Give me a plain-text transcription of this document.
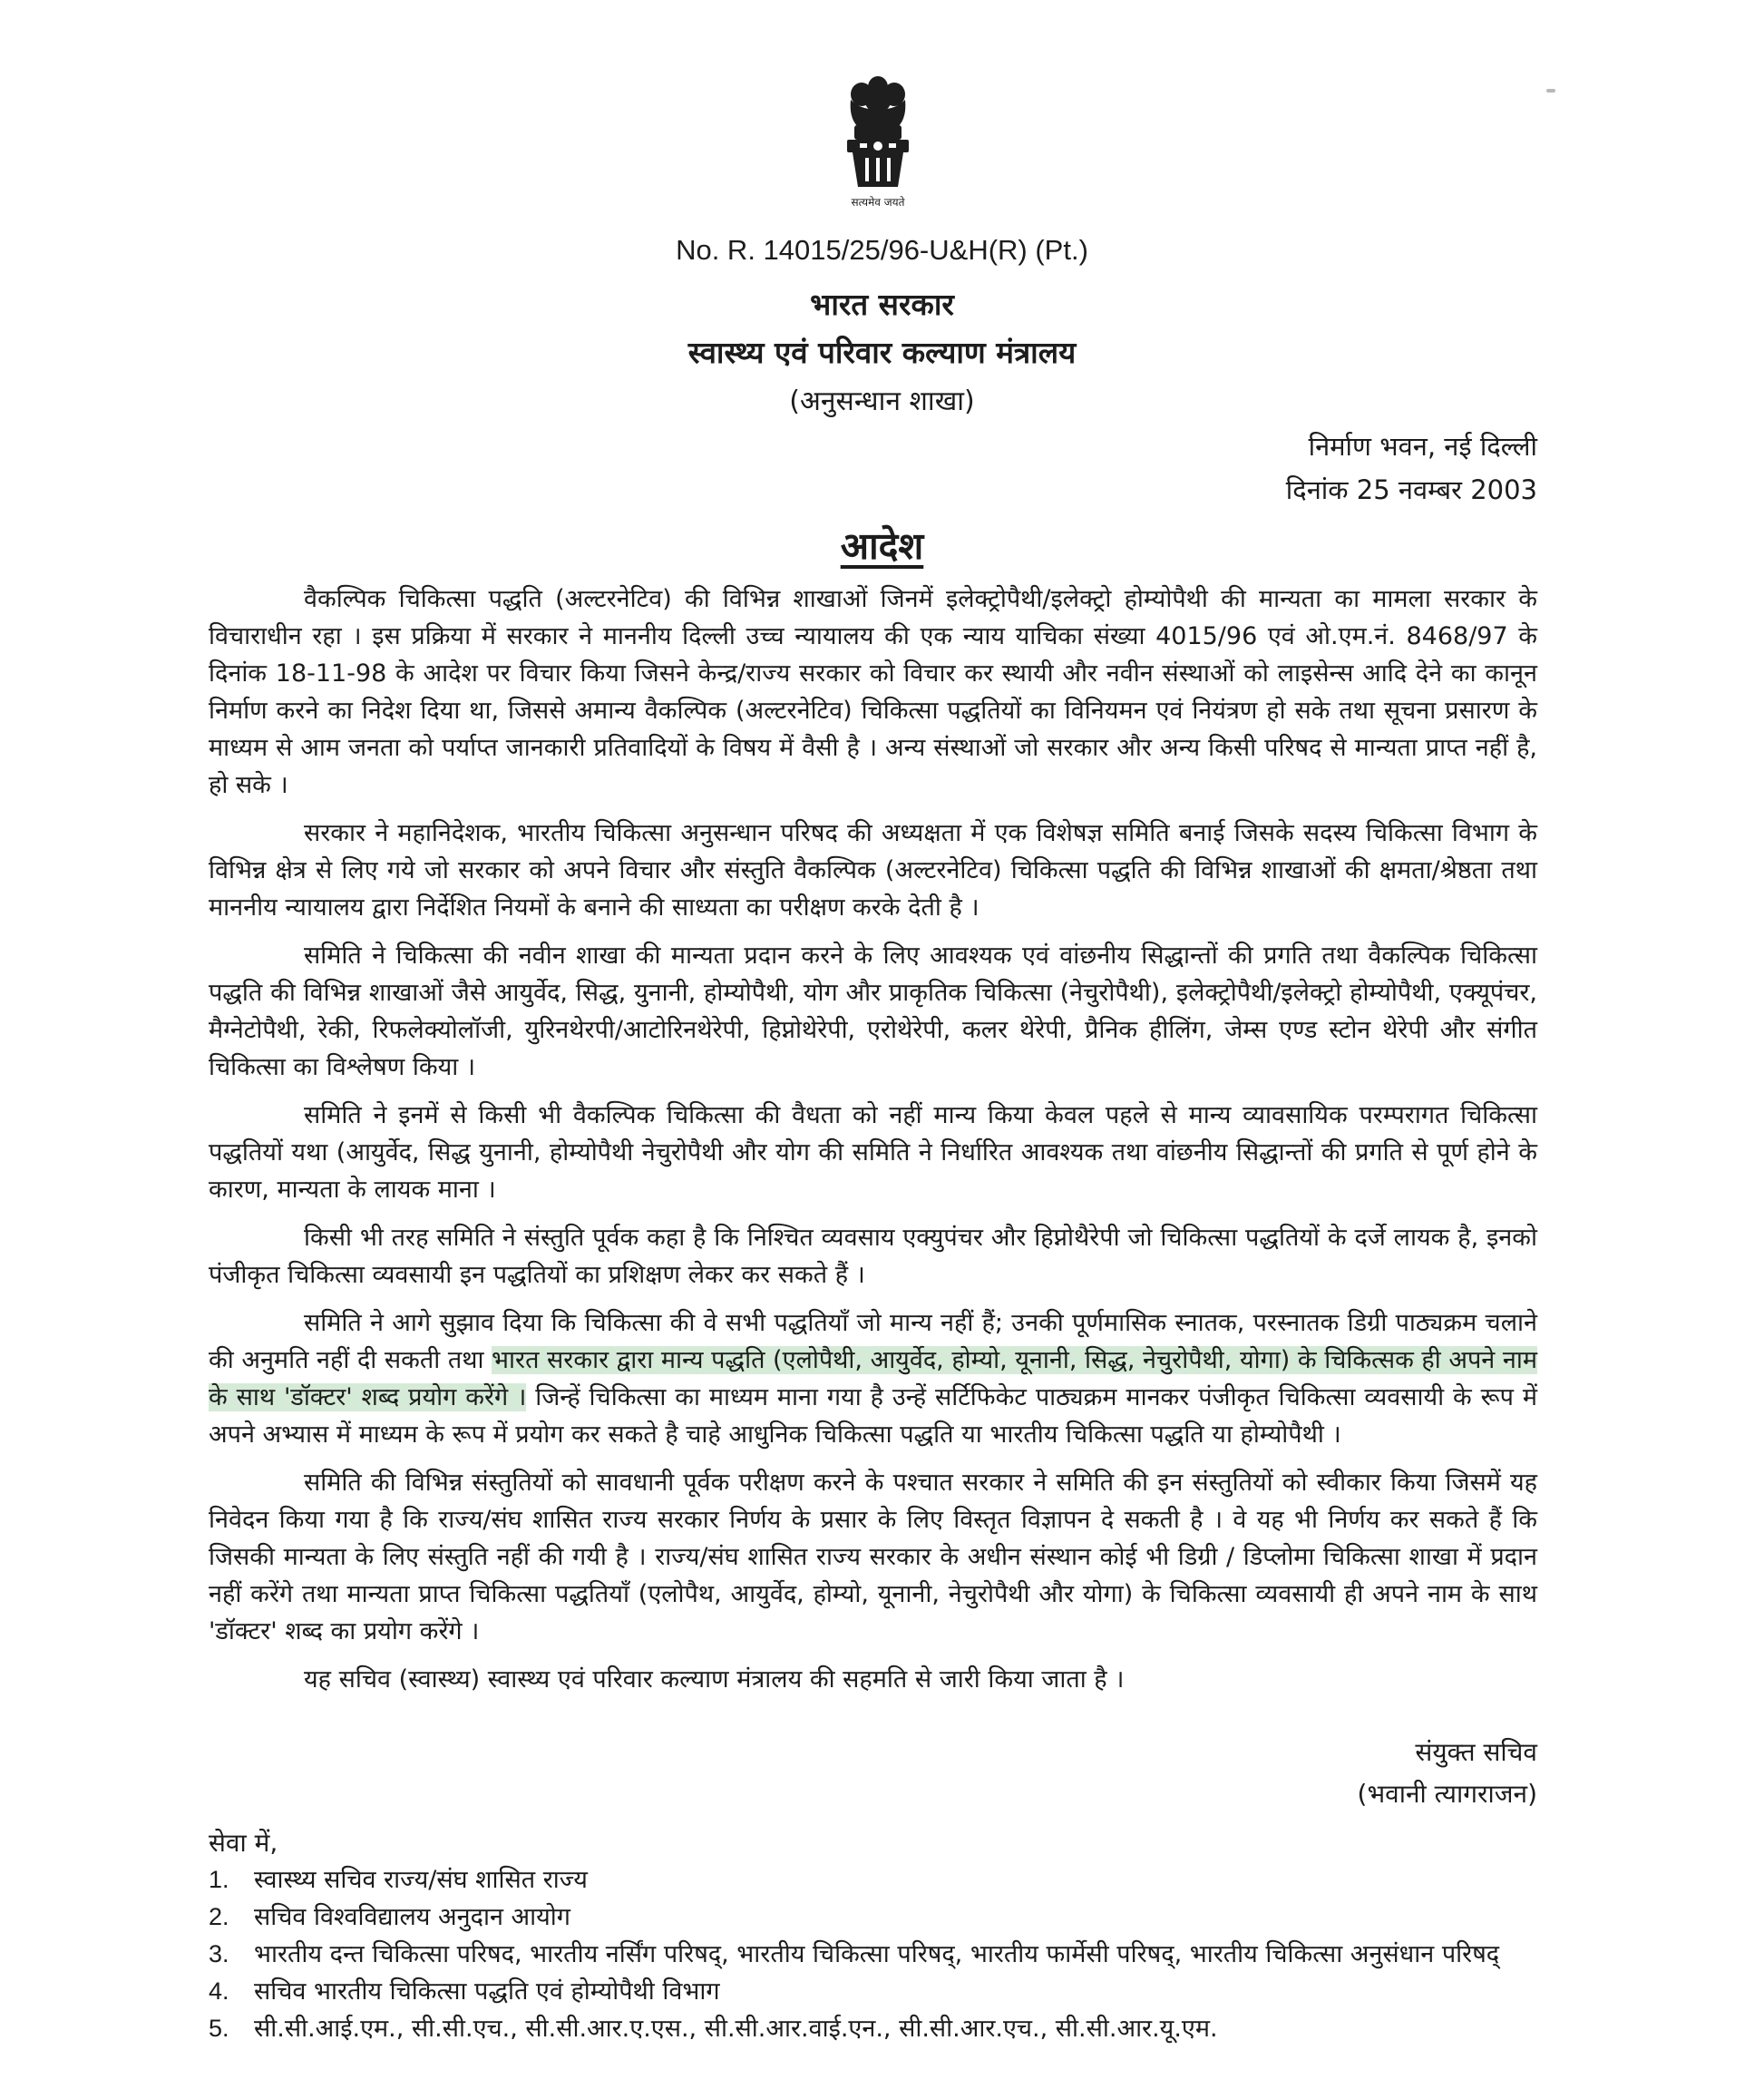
सत्यमेव जयते
No. R. 14015/25/96-U&H(R) (Pt.)
भारत सरकार
स्वास्थ्य एवं परिवार कल्याण मंत्रालय
(अनुसन्धान शाखा)
निर्माण भवन, नई दिल्ली
दिनांक 25 नवम्बर 2003
आदेश

वैकल्पिक चिकित्सा पद्धति (अल्टरनेटिव) की विभिन्न शाखाओं जिनमें इलेक्ट्रोपैथी/इलेक्ट्रो होम्योपैथी की मान्यता का मामला सरकार के विचाराधीन रहा । इस प्रक्रिया में सरकार ने माननीय दिल्ली उच्च न्यायालय की एक न्याय याचिका संख्या 4015/96 एवं ओ.एम.नं. 8468/97 के दिनांक 18-11-98 के आदेश पर विचार किया जिसने केन्द्र/राज्य सरकार को विचार कर स्थायी और नवीन संस्थाओं को लाइसेन्स आदि देने का कानून निर्माण करने का निदेश दिया था, जिससे अमान्य वैकल्पिक (अल्टरनेटिव) चिकित्सा पद्धतियों का विनियमन एवं नियंत्रण हो सके तथा सूचना प्रसारण के माध्यम से आम जनता को पर्याप्त जानकारी प्रतिवादियों के विषय में वैसी है । अन्य संस्थाओं जो सरकार और अन्य किसी परिषद से मान्यता प्राप्त नहीं है, हो सके ।

सरकार ने महानिदेशक, भारतीय चिकित्सा अनुसन्धान परिषद की अध्यक्षता में एक विशेषज्ञ समिति बनाई जिसके सदस्य चिकित्सा विभाग के विभिन्न क्षेत्र से लिए गये जो सरकार को अपने विचार और संस्तुति वैकल्पिक (अल्टरनेटिव) चिकित्सा पद्धति की विभिन्न शाखाओं की क्षमता/श्रेष्ठता तथा माननीय न्यायालय द्वारा निर्देशित नियमों के बनाने की साध्यता का परीक्षण करके देती है ।

समिति ने चिकित्सा की नवीन शाखा की मान्यता प्रदान करने के लिए आवश्यक एवं वांछनीय सिद्धान्तों की प्रगति तथा वैकल्पिक चिकित्सा पद्धति की विभिन्न शाखाओं जैसे आयुर्वेद, सिद्ध, युनानी, होम्योपैथी, योग और प्राकृतिक चिकित्सा (नेचुरोपैथी), इलेक्ट्रोपैथी/इलेक्ट्रो होम्योपैथी, एक्यूपंचर, मैग्नेटोपैथी, रेकी, रिफलेक्योलॉजी, युरिनथेरपी/आटोरिनथेरेपी, हिप्नोथेरेपी, एरोथेरेपी, कलर थेरेपी, प्रैनिक हीलिंग, जेम्स एण्ड स्टोन थेरेपी और संगीत चिकित्सा का विश्लेषण किया ।

समिति ने इनमें से किसी भी वैकल्पिक चिकित्सा की वैधता को नहीं मान्य किया केवल पहले से मान्य व्यावसायिक परम्परागत चिकित्सा पद्धतियों यथा (आयुर्वेद, सिद्ध युनानी, होम्योपैथी नेचुरोपैथी और योग की समिति ने निर्धारित आवश्यक तथा वांछनीय सिद्धान्तों की प्रगति से पूर्ण होने के कारण, मान्यता के लायक माना ।

किसी भी तरह समिति ने संस्तुति पूर्वक कहा है कि निश्चित व्यवसाय एक्युपंचर और हिप्नोथैरेपी जो चिकित्सा पद्धतियों के दर्जे लायक है, इनको पंजीकृत चिकित्सा व्यवसायी इन पद्धतियों का प्रशिक्षण लेकर कर सकते हैं ।

समिति ने आगे सुझाव दिया कि चिकित्सा की वे सभी पद्धतियाँ जो मान्य नहीं हैं; उनकी पूर्णमासिक स्नातक, परस्नातक डिग्री पाठ्यक्रम चलाने की अनुमति नहीं दी सकती तथा भारत सरकार द्वारा मान्य पद्धति (एलोपैथी, आयुर्वेद, होम्यो, यूनानी, सिद्ध, नेचुरोपैथी, योगा) के चिकित्सक ही अपने नाम के साथ 'डॉक्टर' शब्द प्रयोग करेंगे । जिन्हें चिकित्सा का माध्यम माना गया है उन्हें सर्टिफिकेट पाठ्यक्रम मानकर पंजीकृत चिकित्सा व्यवसायी के रूप में अपने अभ्यास में माध्यम के रूप में प्रयोग कर सकते है चाहे आधुनिक चिकित्सा पद्धति या भारतीय चिकित्सा पद्धति या होम्योपैथी ।

समिति की विभिन्न संस्तुतियों को सावधानी पूर्वक परीक्षण करने के पश्चात सरकार ने समिति की इन संस्तुतियों को स्वीकार किया जिसमें यह निवेदन किया गया है कि राज्य/संघ शासित राज्य सरकार निर्णय के प्रसार के लिए विस्तृत विज्ञापन दे सकती है । वे यह भी निर्णय कर सकते हैं कि जिसकी मान्यता के लिए संस्तुति नहीं की गयी है । राज्य/संघ शासित राज्य सरकार के अधीन संस्थान कोई भी डिग्री / डिप्लोमा चिकित्सा शाखा में प्रदान नहीं करेंगे तथा मान्यता प्राप्त चिकित्सा पद्धतियाँ (एलोपैथ, आयुर्वेद, होम्यो, यूनानी, नेचुरोपैथी और योगा) के चिकित्सा व्यवसायी ही अपने नाम के साथ 'डॉक्टर' शब्द का प्रयोग करेंगे ।

यह सचिव (स्वास्थ्य) स्वास्थ्य एवं परिवार कल्याण मंत्रालय की सहमति से जारी किया जाता है ।

संयुक्त सचिव
(भवानी त्यागराजन)
सेवा में,
1. स्वास्थ्य सचिव राज्य/संघ शासित राज्य
2. सचिव विश्वविद्यालय अनुदान आयोग
3. भारतीय दन्त चिकित्सा परिषद, भारतीय नर्सिंग परिषद्, भारतीय चिकित्सा परिषद्, भारतीय फार्मेसी परिषद्, भारतीय चिकित्सा अनुसंधान परिषद्
4. सचिव भारतीय चिकित्सा पद्धति एवं होम्योपैथी विभाग
5. सी.सी.आई.एम., सी.सी.एच., सी.सी.आर.ए.एस., सी.सी.आर.वाई.एन., सी.सी.आर.एच., सी.सी.आर.यू.एम.
